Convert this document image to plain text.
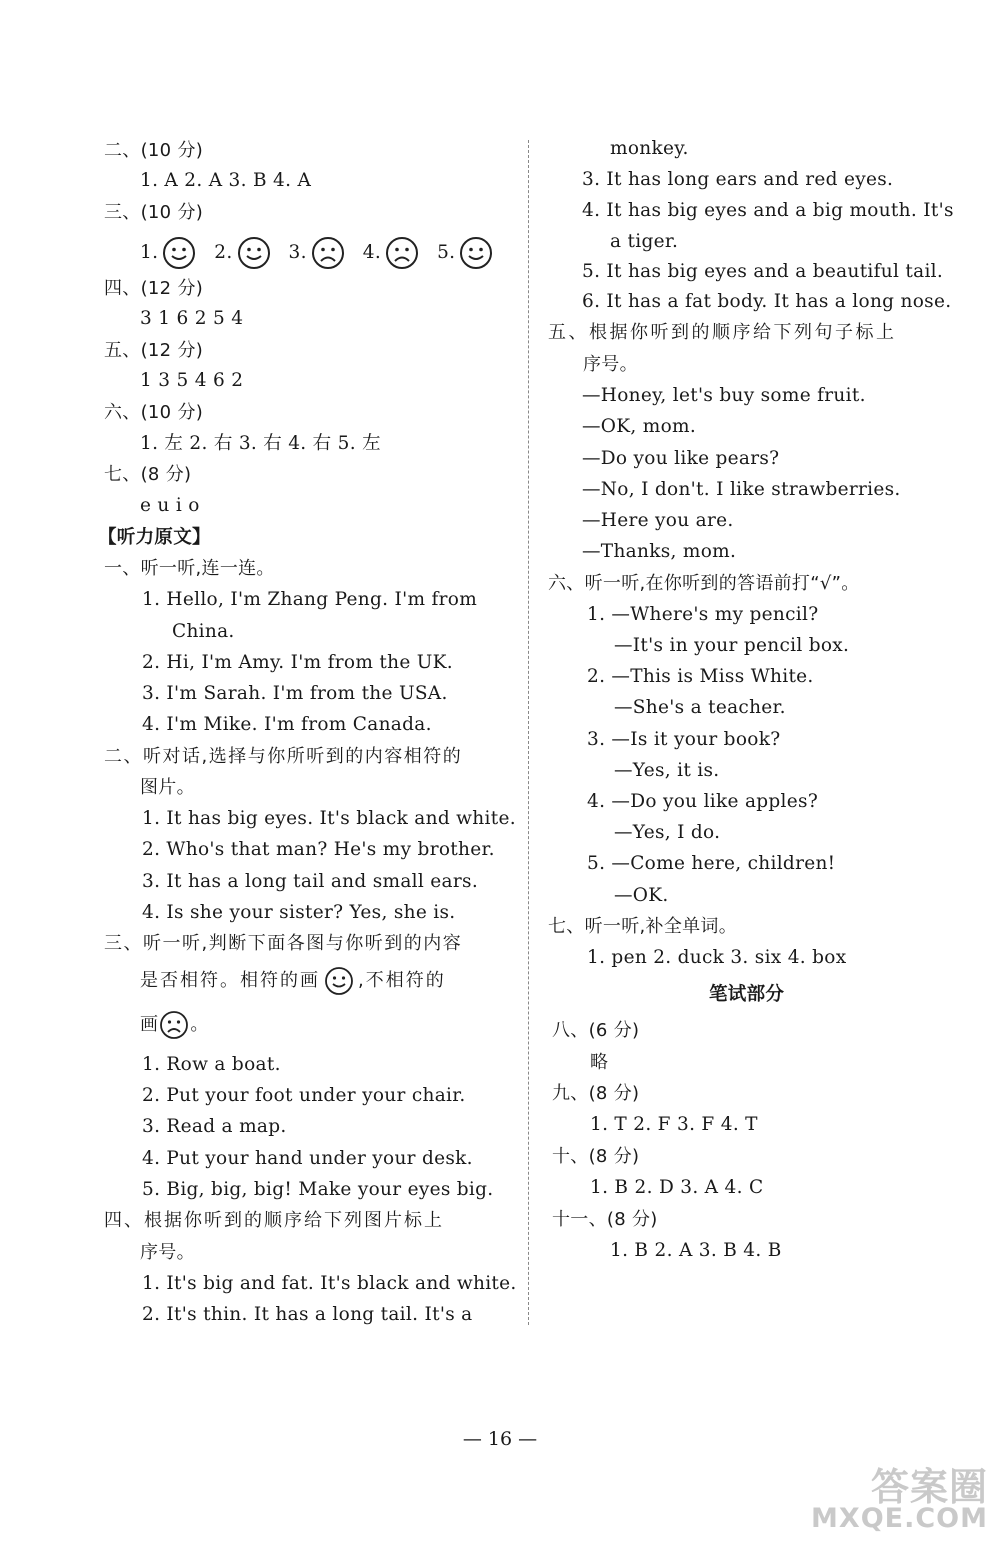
二、(10 分)
1. A 2. A 3. B 4. A
三、(10 分)
1.	2.	3.	4.	5.
四、(12 分)
3 1 6 2 5 4
五、(12 分)
1 3 5 4 6 2
六、(10 分)
1. 左 2. 右 3. 右 4. 右 5. 左
七、(8 分)
e u i o
【听力原文】
一、听一听,连一连。
1. Hello, I'm Zhang Peng. I'm from
China.
2. Hi, I'm Amy. I'm from the UK.
3. I'm Sarah. I'm from the USA.
4. I'm Mike. I'm from Canada.
二、听对话,选择与你所听到的内容相符的
图片。
1. It has big eyes. It's black and white.
2. Who's that man? He's my brother.
3. It has a long tail and small ears.
4. Is she your sister? Yes, she is.
三、听一听,判断下面各图与你听到的内容
是否相符。相符的画 ,不相符的
画 。
1. Row a boat.
2. Put your foot under your chair.
3. Read a map.
4. Put your hand under your desk.
5. Big, big, big! Make your eyes big.
四、根据你听到的顺序给下列图片标上
序号。
1. It's big and fat. It's black and white.
2. It's thin. It has a long tail. It's a
monkey.
3. It has long ears and red eyes.
4. It has big eyes and a big mouth. It's
a tiger.
5. It has big eyes and a beautiful tail.
6. It has a fat body. It has a long nose.
五、根据你听到的顺序给下列句子标上
序号。
—Honey, let's buy some fruit.
—OK, mom.
—Do you like pears?
—No, I don't. I like strawberries.
—Here you are.
—Thanks, mom.
六、听一听,在你听到的答语前打“√”。
1. —Where's my pencil?
—It's in your pencil box.
2. —This is Miss White.
—She's a teacher.
3. —Is it your book?
—Yes, it is.
4. —Do you like apples?
—Yes, I do.
5. —Come here, children!
—OK.
七、听一听,补全单词。
1. pen 2. duck 3. six 4. box
笔试部分
八、(6 分)
略
九、(8 分)
1. T 2. F 3. F 4. T
十、(8 分)
1. B 2. D 3. A 4. C
十一、(8 分)
1. B 2. A 3. B 4. B
— 16 —
答案圈
MXQE.COM
